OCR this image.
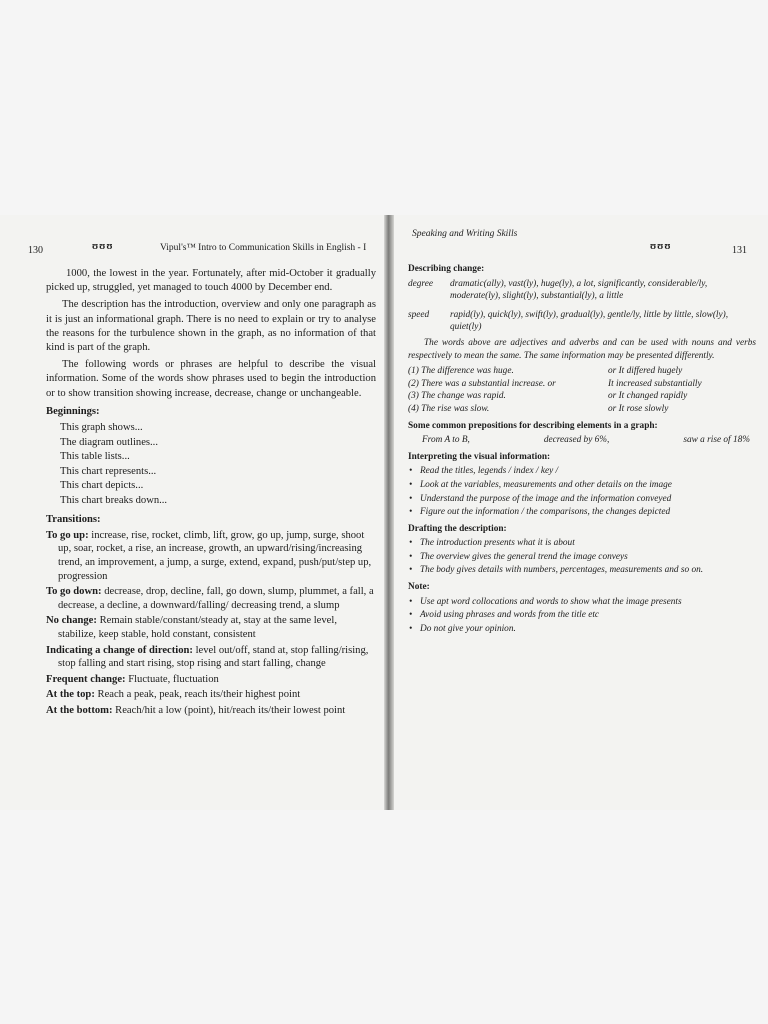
130	ʊʊʊ	Vipul's™ Intro to Communication Skills in English - I

1000, the lowest in the year. Fortunately, after mid-October it gradually picked up, struggled, yet managed to touch 4000 by December end.

The description has the introduction, overview and only one paragraph as it is just an informational graph. There is no need to explain or try to analyse the reasons for the turbulence shown in the graph, as no information of that kind is part of the graph.

The following words or phrases are helpful to describe the visual information. Some of the words show phrases used to begin the introduction or to show transition showing increase, decrease, change or unchangeable.

Beginnings:
This graph shows...
The diagram outlines...
This table lists...
This chart represents...
This chart depicts...
This chart breaks down...
Transitions:
To go up: increase, rise, rocket, climb, lift, grow, go up, jump, surge, shoot up, soar, rocket, a rise, an increase, growth, an upward/rising/increasing trend, an improvement, a jump, a surge, extend, expand, push/put/step up, progression
To go down: decrease, drop, decline, fall, go down, slump, plummet, a fall, a decrease, a decline, a downward/falling/ decreasing trend, a slump
No change: Remain stable/constant/steady at, stay at the same level, stabilize, keep stable, hold constant, consistent
Indicating a change of direction: level out/off, stand at, stop falling/rising, stop falling and start rising, stop rising and start falling, change
Frequent change: Fluctuate, fluctuation
At the top: Reach a peak, peak, reach its/their highest point
At the bottom: Reach/hit a low (point), hit/reach its/their lowest point
Speaking and Writing Skills
ʊʊʊ	131
Describing change:
degree	dramatic(ally), vast(ly), huge(ly), a lot, significantly, considerable/ly, moderate(ly), slight(ly), substantial(ly), a little
speed	rapid(ly), quick(ly), swift(ly), gradual(ly), gentle/ly, little by little, slow(ly), quiet(ly)

The words above are adjectives and adverbs and can be used with nouns and verbs respectively to mean the same. The same information may be presented differently.

(1) The difference was huge.	or It differed hugely
(2) There was a substantial increase. or	It increased substantially
(3) The change was rapid.	or It changed rapidly
(4) The rise was slow.	or It rose slowly
Some common prepositions for describing elements in a graph:
From A to B,	decreased by 6%,	saw a rise of 18%
Interpreting the visual information:
• Read the titles, legends / index / key /
• Look at the variables, measurements and other details on the image
• Understand the purpose of the image and the information conveyed
• Figure out the information / the comparisons, the changes depicted
Drafting the description:
• The introduction presents what it is about
• The overview gives the general trend the image conveys
• The body gives details with numbers, percentages, measurements and so on.
Note:
• Use apt word collocations and words to show what the image presents
• Avoid using phrases and words from the title etc
• Do not give your opinion.
